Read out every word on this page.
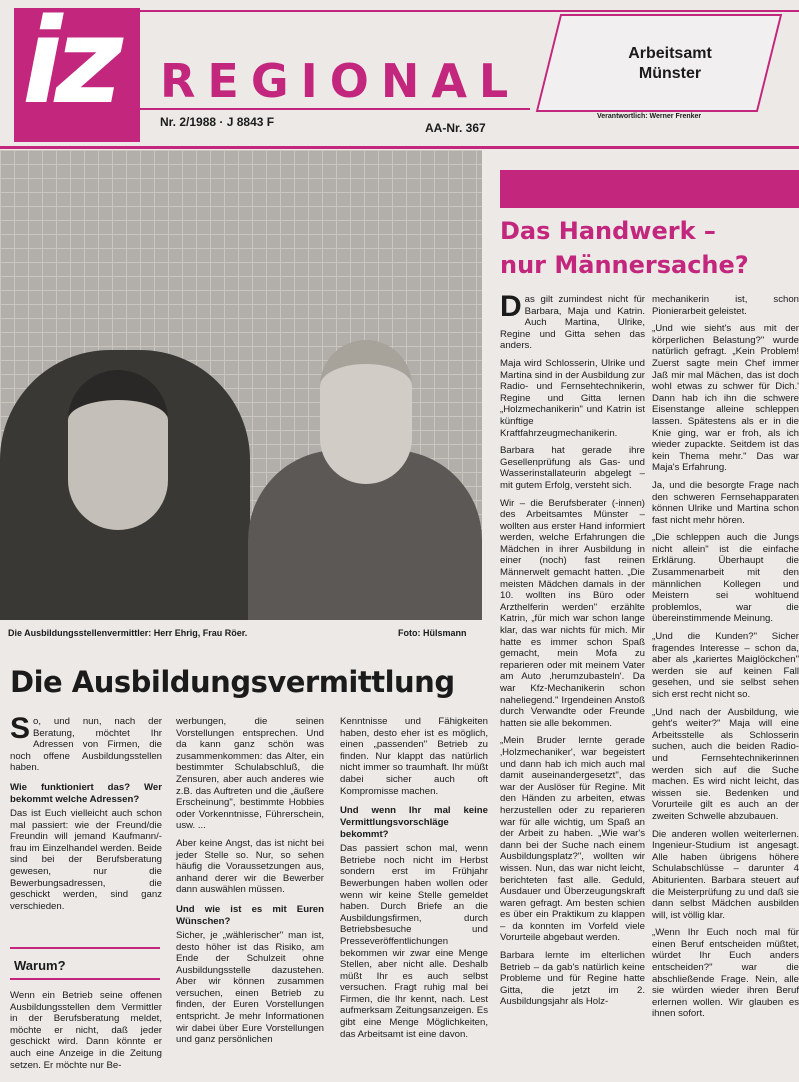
iz REGIONAL
Nr. 2/1988 · J 8843 F	AA-Nr. 367
Arbeitsamt
Münster
Verantwortlich: Werner Frenker
Die Ausbildungsstellenvermittler: Herr Ehrig, Frau Röer.	Foto: Hülsmann
Das Handwerk –
nur Männersache?

Das gilt zumindest nicht für Barbara, Maja und Katrin. Auch Martina, Ulrike, Regine und Gitta sehen das anders.

Maja wird Schlosserin, Ulrike und Martina sind in der Ausbildung zur Radio- und Fernsehtechnikerin, Regine und Gitta lernen „Holzmechanikerin" und Katrin ist künftige Kraftfahrzeugmechanikerin.

Barbara hat gerade ihre Gesellenprüfung als Gas- und Wasserinstallateurin abgelegt – mit gutem Erfolg, versteht sich.

Wir – die Berufsberater (-innen) des Arbeitsamtes Münster – wollten aus erster Hand informiert werden, welche Erfahrungen die Mädchen in ihrer Ausbildung in einer (noch) fast reinen Männerwelt gemacht hatten. „Die meisten Mädchen damals in der 10. wollten ins Büro oder Arzthelferin werden" erzählte Katrin, „für mich war schon lange klar, das war nichts für mich. Mir hatte es immer schon Spaß gemacht, mein Mofa zu reparieren oder mit meinem Vater am Auto ‚herumzubasteln'. Da war Kfz-Mechanikerin schon naheliegend." Irgendeinen Anstoß durch Verwandte oder Freunde hatten sie alle bekommen.

„Mein Bruder lernte gerade ‚Holzmechaniker', war begeistert und dann hab ich mich auch mal damit auseinandergesetzt", das war der Auslöser für Regine. Mit den Händen zu arbeiten, etwas herzustellen oder zu reparieren war für alle wichtig, um Spaß an der Arbeit zu haben. „Wie war's dann bei der Suche nach einem Ausbildungsplatz?", wollten wir wissen. Nun, das war nicht leicht, berichteten fast alle. Geduld, Ausdauer und Überzeugungskraft waren gefragt. Am besten schien es über ein Praktikum zu klappen – da konnten im Vorfeld viele Vorurteile abgebaut werden.

Barbara lernte im elterlichen Betrieb – da gab's natürlich keine Probleme und für Regine hatte Gitta, die jetzt im 2. Ausbildungsjahr als Holz-

mechanikerin ist, schon Pionierarbeit geleistet.

„Und wie sieht's aus mit der körperlichen Belastung?" wurde natürlich gefragt. „Kein Problem! Zuerst sagte mein Chef immer Jaß mir mal Mächen, das ist doch wohl etwas zu schwer für Dich.' Dann hab ich ihn die schwere Eisenstange alleine schleppen lassen. Spätestens als er in die Knie ging, war er froh, als ich wieder zupackte. Seitdem ist das kein Thema mehr." Das war Maja's Erfahrung.

Ja, und die besorgte Frage nach den schweren Fernsehapparaten können Ulrike und Martina schon fast nicht mehr hören.

„Die schleppen auch die Jungs nicht allein" ist die einfache Erklärung. Überhaupt die Zusammenarbeit mit den männlichen Kollegen und Meistern sei wohltuend problemlos, war die übereinstimmende Meinung.

„Und die Kunden?" Sicher fragendes Interesse – schon da, aber als „kariertes Maiglöckchen" werden sie auf keinen Fall gesehen, und sie selbst sehen sich erst recht nicht so.

„Und nach der Ausbildung, wie geht's weiter?" Maja will eine Arbeitsstelle als Schlosserin suchen, auch die beiden Radio- und Fernsehtechnikerinnen werden sich auf die Suche machen. Es wird nicht leicht, das wissen sie. Bedenken und Vorurteile gilt es auch an der zweiten Schwelle abzubauen.

Die anderen wollen weiterlernen. Ingenieur-Studium ist angesagt. Alle haben übrigens höhere Schulabschlüsse – darunter 4 Abiturienten. Barbara steuert auf die Meisterprüfung zu und daß sie dann selbst Mädchen ausbilden will, ist völlig klar.

„Wenn Ihr Euch noch mal für einen Beruf entscheiden müßtet, würdet Ihr Euch anders entscheiden?" war die abschließende Frage. Nein, alle sie würden wieder ihren Beruf erlernen wollen. Wir glauben es ihnen sofort.

Die Ausbildungsvermittlung

So, und nun, nach der Beratung, möchtet Ihr Adressen von Firmen, die noch offene Ausbildungsstellen haben.

Wie funktioniert das? Wer bekommt welche Adressen?

Das ist Euch vielleicht auch schon mal passiert: wie der Freund/die Freundin will jemand Kaufmann/-frau im Einzelhandel werden. Beide sind bei der Berufsberatung gewesen, nur die Bewerbungsadressen, die geschickt werden, sind ganz verschieden.

Warum?

Wenn ein Betrieb seine offenen Ausbildungsstellen dem Vermittler in der Berufsberatung meldet, möchte er nicht, daß jeder geschickt wird. Dann könnte er auch eine Anzeige in die Zeitung setzen. Er möchte nur Be-

werbungen, die seinen Vorstellungen entsprechen. Und da kann ganz schön was zusammenkommen: das Alter, ein bestimmter Schulabschluß, die Zensuren, aber auch anderes wie z.B. das Auftreten und die „äußere Erscheinung", bestimmte Hobbies oder Vorkenntnisse, Führerschein, usw. ...

Aber keine Angst, das ist nicht bei jeder Stelle so. Nur, so sehen häufig die Voraussetzungen aus, anhand derer wir die Bewerber dann auswählen müssen.

Und wie ist es mit Euren Wünschen?

Sicher, je „wählerischer" man ist, desto höher ist das Risiko, am Ende der Schulzeit ohne Ausbildungsstelle dazustehen. Aber wir können zusammen versuchen, einen Betrieb zu finden, der Euren Vorstellungen entspricht. Je mehr Informationen wir dabei über Eure Vorstellungen und ganz persönlichen

Kenntnisse und Fähigkeiten haben, desto eher ist es möglich, einen „passenden" Betrieb zu finden. Nur klappt das natürlich nicht immer so traumhaft. Ihr müßt dabei sicher auch oft Kompromisse machen.

Und wenn Ihr mal keine Vermittlungsvorschläge bekommt?

Das passiert schon mal, wenn Betriebe noch nicht im Herbst sondern erst im Frühjahr Bewerbungen haben wollen oder wenn wir keine Stelle gemeldet haben. Durch Briefe an die Ausbildungsfirmen, durch Betriebsbesuche und Presseveröffentlichungen bekommen wir zwar eine Menge Stellen, aber nicht alle. Deshalb müßt Ihr es auch selbst versuchen. Fragt ruhig mal bei Firmen, die Ihr kennt, nach. Lest aufmerksam Zeitungsanzeigen. Es gibt eine Menge Möglichkeiten, das Arbeitsamt ist eine davon.
